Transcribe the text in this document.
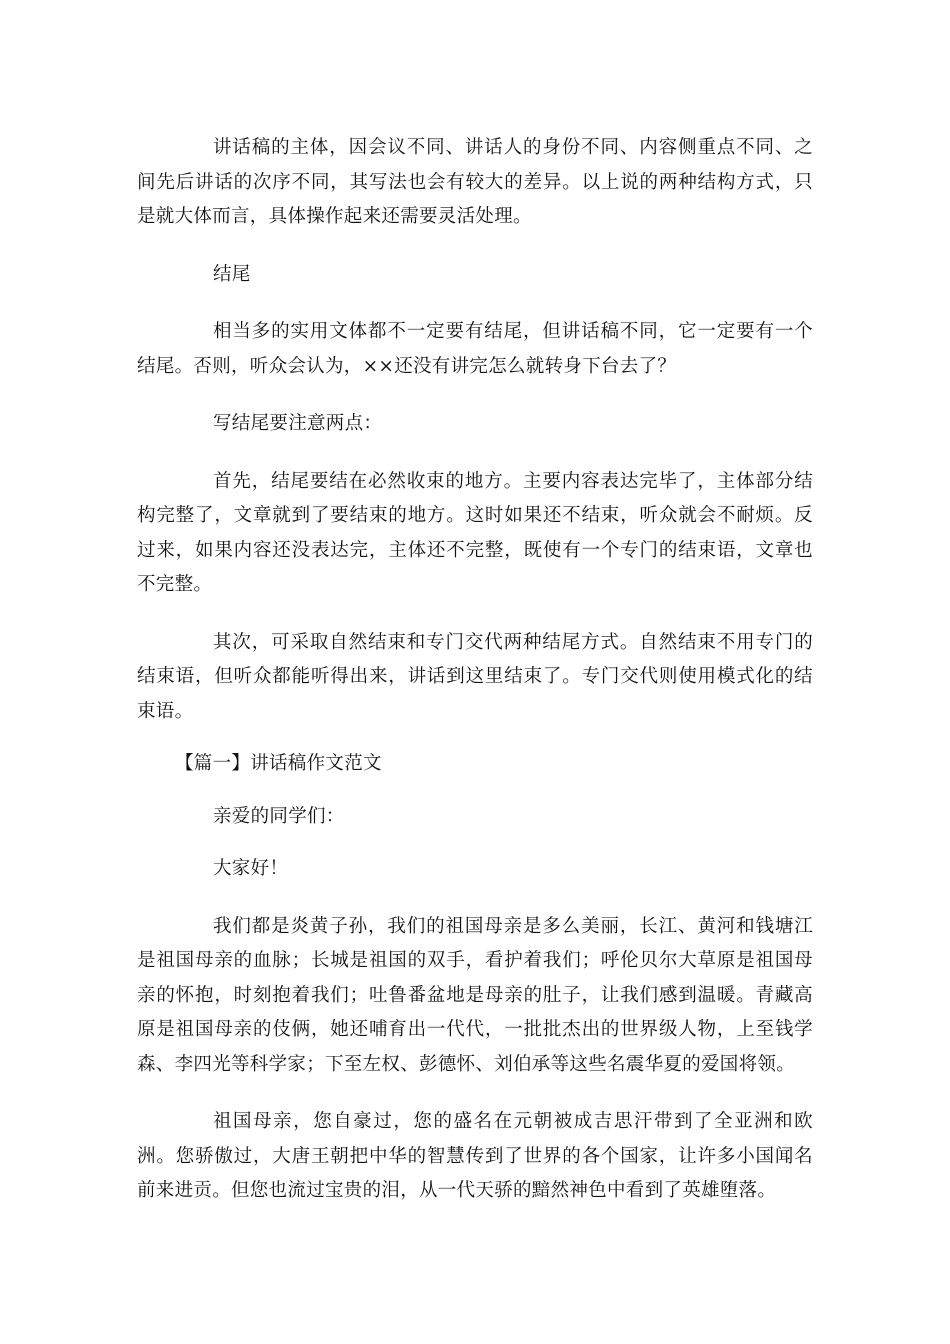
讲话稿的主体，因会议不同、讲话人的身份不同、内容侧重点不同、之间先后讲话的次序不同，其写法也会有较大的差异。以上说的两种结构方式，只是就大体而言，具体操作起来还需要灵活处理。

结尾

相当多的实用文体都不一定要有结尾，但讲话稿不同，它一定要有一个结尾。否则，听众会认为，××还没有讲完怎么就转身下台去了？

写结尾要注意两点：

首先，结尾要结在必然收束的地方。主要内容表达完毕了，主体部分结构完整了，文章就到了要结束的地方。这时如果还不结束，听众就会不耐烦。反过来，如果内容还没表达完，主体还不完整，既使有一个专门的结束语，文章也不完整。

其次，可采取自然结束和专门交代两种结尾方式。自然结束不用专门的结束语，但听众都能听得出来，讲话到这里结束了。专门交代则使用模式化的结束语。

【篇一】讲话稿作文范文

亲爱的同学们：

大家好！

我们都是炎黄子孙，我们的祖国母亲是多么美丽，长江、黄河和钱塘江是祖国母亲的血脉；长城是祖国的双手，看护着我们；呼伦贝尔大草原是祖国母亲的怀抱，时刻抱着我们；吐鲁番盆地是母亲的肚子，让我们感到温暖。青藏高原是祖国母亲的伎俩，她还哺育出一代代，一批批杰出的世界级人物，上至钱学森、李四光等科学家；下至左权、彭德怀、刘伯承等这些名震华夏的爱国将领。

祖国母亲，您自豪过，您的盛名在元朝被成吉思汗带到了全亚洲和欧洲。您骄傲过，大唐王朝把中华的智慧传到了世界的各个国家，让许多小国闻名前来进贡。但您也流过宝贵的泪，从一代天骄的黯然神色中看到了英雄堕落。
